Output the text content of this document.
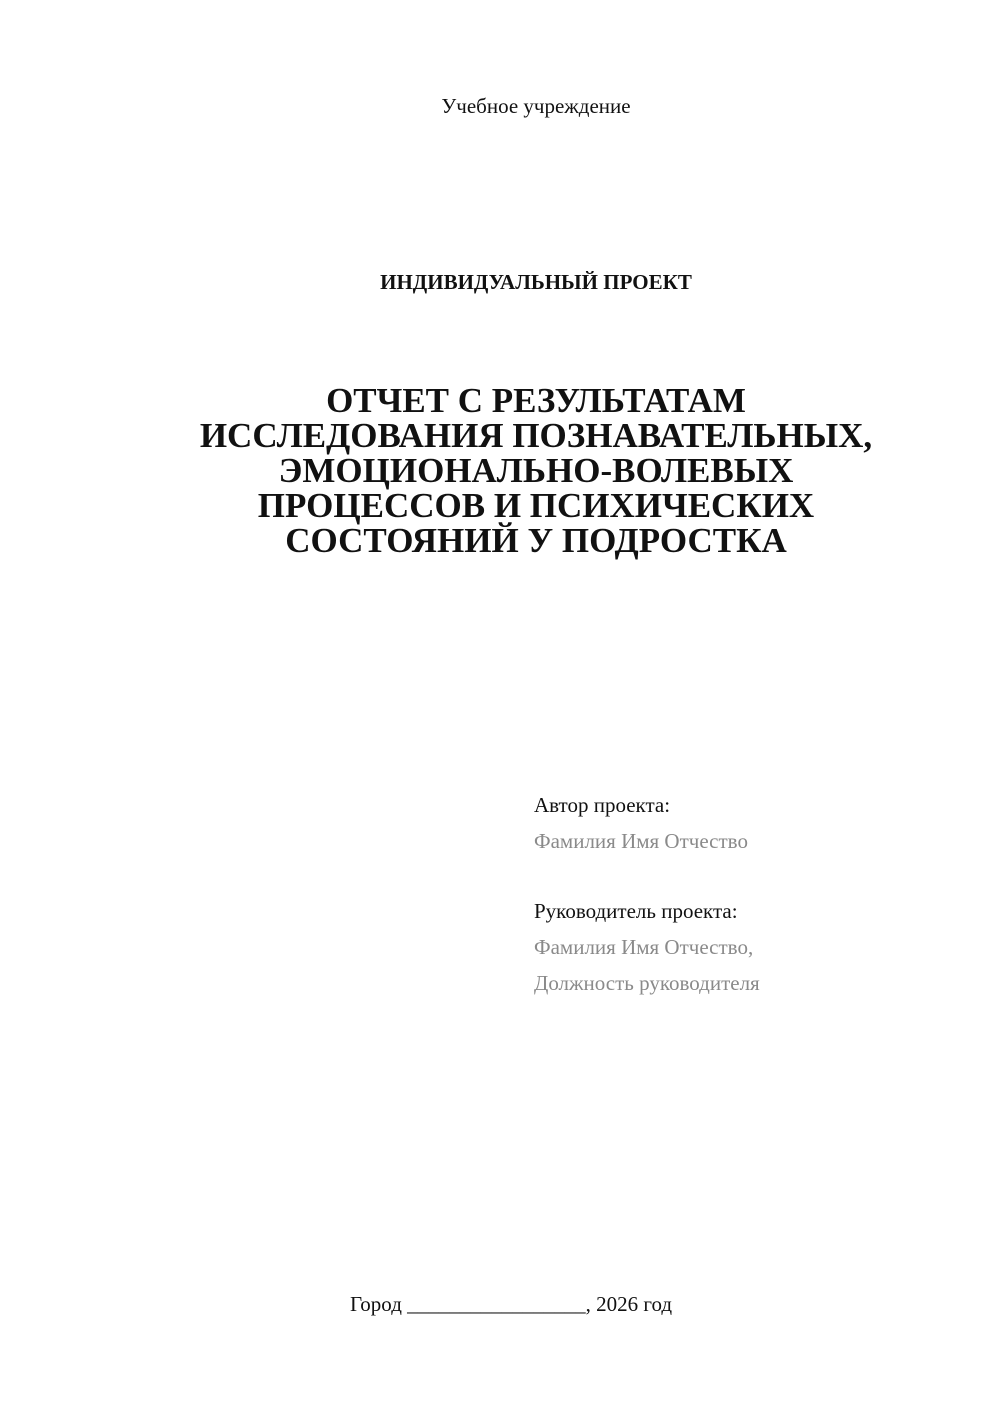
Учебное учреждение
ИНДИВИДУАЛЬНЫЙ ПРОЕКТ
ОТЧЕТ С РЕЗУЛЬТАТАМ
ИССЛЕДОВАНИЯ ПОЗНАВАТЕЛЬНЫХ,
ЭМОЦИОНАЛЬНО-ВОЛЕВЫХ
ПРОЦЕССОВ И ПСИХИЧЕСКИХ
СОСТОЯНИЙ У ПОДРОСТКА
Автор проекта:
Фамилия Имя Отчество
Руководитель проекта:
Фамилия Имя Отчество,
Должность руководителя
Город _________________, 2026 год
